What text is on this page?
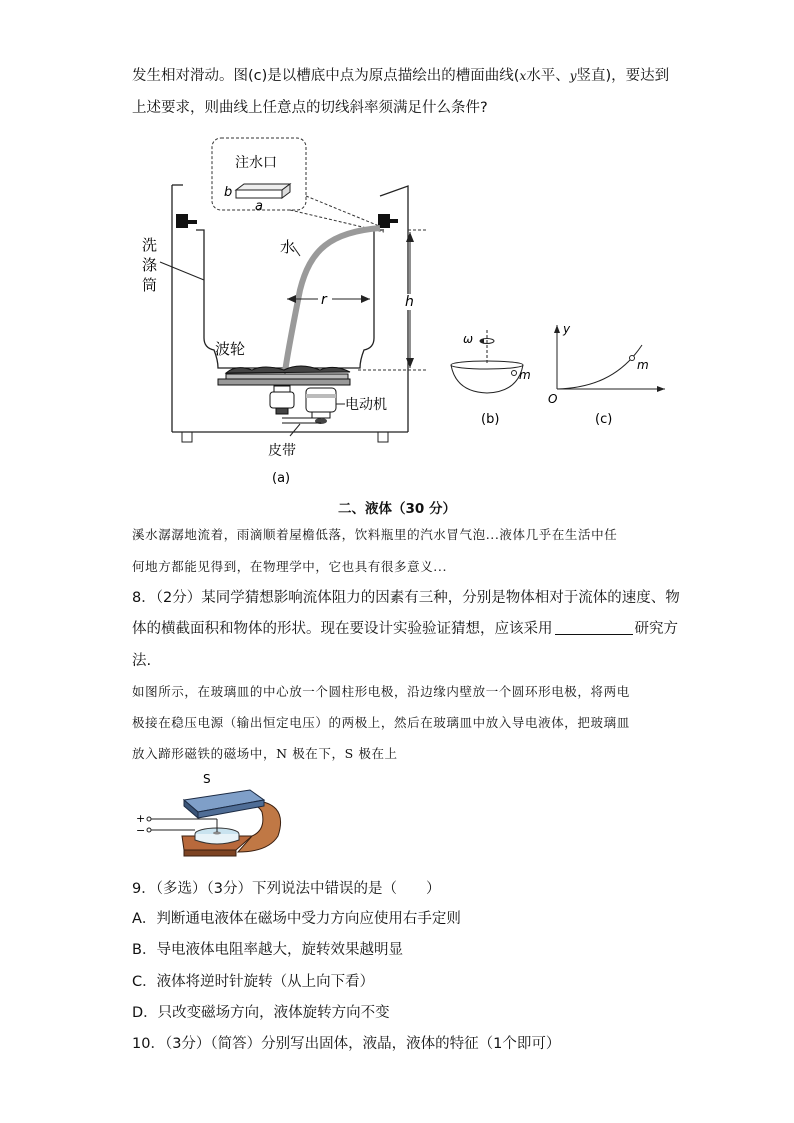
发生相对滑动。图(c)是以槽底中点为原点描绘出的槽面曲线(x水平、y竖直)，要达到
上述要求，则曲线上任意点的切线斜率须满足什么条件?
注水口
b
a
洗
涤
筒
水
r	h
波轮
电动机
皮带
(a)
ω
m
(b)
y
O
m
(c)
二、液体（30 分）
溪水潺潺地流着，雨滴顺着屋檐低落，饮料瓶里的汽水冒气泡...液体几乎在生活中任
何地方都能见得到，在物理学中，它也具有很多意义...
8．（2分）某同学猜想影响流体阻力的因素有三种，分别是物体相对于流体的速度、物
体的横截面积和物体的形状。现在要设计实验验证猜想，应该采用	研究方
法.
如图所示，在玻璃皿的中心放一个圆柱形电极，沿边缘内壁放一个圆环形电极，将两电
极接在稳压电源（输出恒定电压）的两极上，然后在玻璃皿中放入导电液体，把玻璃皿
放入蹄形磁铁的磁场中，N 极在下，S 极在上
S
+
−
9．（多选）（3分）下列说法中错误的是（　　）
A．判断通电液体在磁场中受力方向应使用右手定则
B．导电液体电阻率越大，旋转效果越明显
C．液体将逆时针旋转（从上向下看）
D．只改变磁场方向，液体旋转方向不变
10．（3分）（简答）分别写出固体，液晶，液体的特征（1个即可）
